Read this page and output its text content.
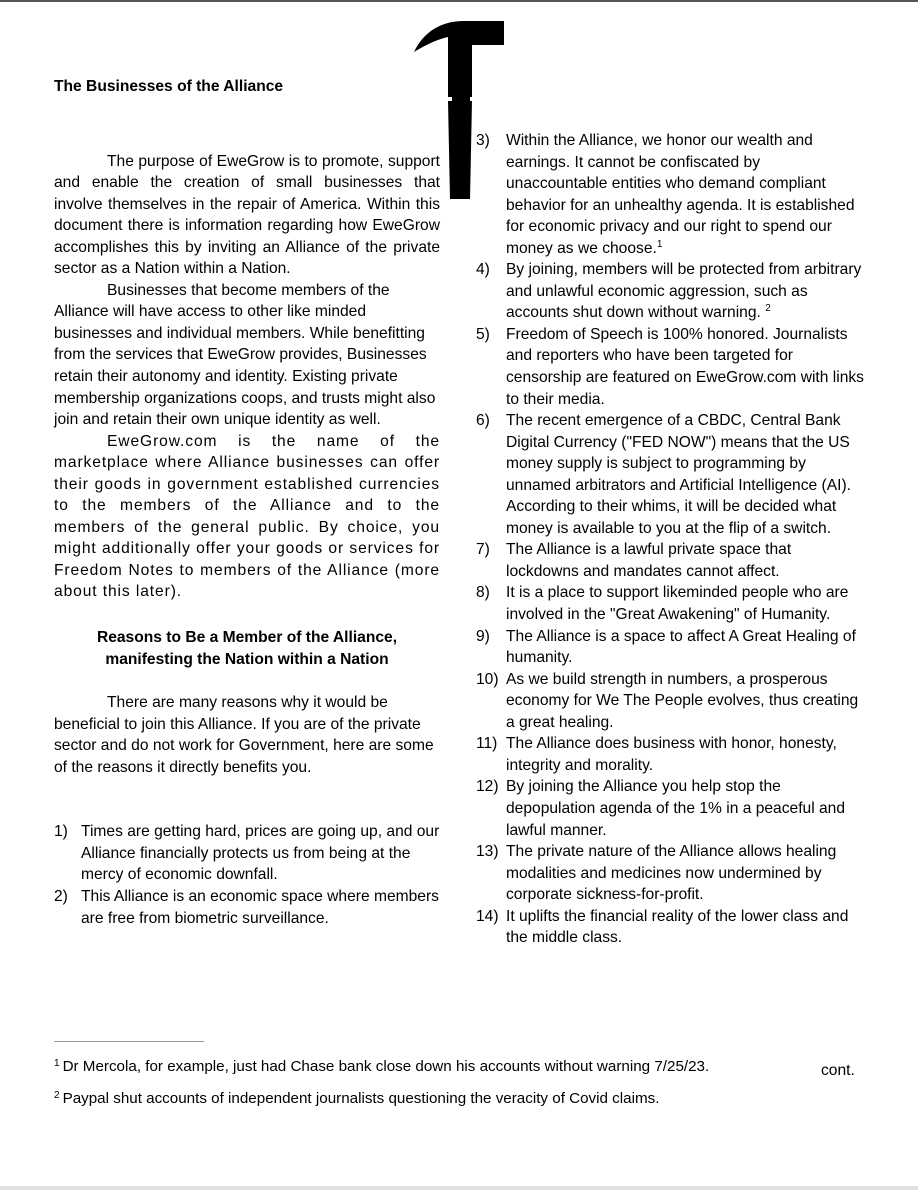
The Businesses of the Alliance

The purpose of EweGrow is to promote, support and enable the creation of small businesses that involve themselves in the repair of America. Within this document there is information regarding how EweGrow accomplishes this by inviting an Alliance of the private sector as a Nation within a Nation.

Businesses that become members of the Alliance will have access to other like minded businesses and individual members. While benefitting from the services that EweGrow provides, Businesses retain their autonomy and identity. Existing private membership organizations coops, and trusts might also join and retain their own unique identity as well.

EweGrow.com is the name of the marketplace where Alliance businesses can offer their goods in government established currencies to the members of the Alliance and to the members of the general public. By choice, you might additionally offer your goods or services for Freedom Notes to members of the Alliance (more about this later).

Reasons to Be a Member of the Alliance,
manifesting the Nation within a Nation

There are many reasons why it would be beneficial to join this Alliance. If you are of the private sector and do not work for Government, here are some of the reasons it directly benefits you.

1) Times are getting hard, prices are going up, and our Alliance financially protects us from being at the mercy of economic downfall.
2) This Alliance is an economic space where members are free from biometric surveillance.
3) Within the Alliance, we honor our wealth and earnings. It cannot be confiscated by unaccountable entities who demand compliant behavior for an unhealthy agenda. It is established for economic privacy and our right to spend our money as we choose.$^1$
4) By joining, members will be protected from arbitrary and unlawful economic aggression, such as accounts shut down without warning. $^2$
5) Freedom of Speech is 100% honored. Journalists and reporters who have been targeted for censorship are featured on EweGrow.com with links to their media.
6) The recent emergence of a CBDC, Central Bank Digital Currency ("FED NOW") means that the US money supply is subject to programming by unnamed arbitrators and Artificial Intelligence (AI). According to their whims, it will be decided what money is available to you at the flip of a switch.
7) The Alliance is a lawful private space that lockdowns and mandates cannot affect.
8) It is a place to support likeminded people who are involved in the "Great Awakening" of Humanity.
9) The Alliance is a space to affect A Great Healing of humanity.
10) As we build strength in numbers, a prosperous economy for We The People evolves, thus creating a great healing.
11) The Alliance does business with honor, honesty, integrity and morality.
12) By joining the Alliance you help stop the depopulation agenda of the 1% in a peaceful and lawful manner.
13) The private nature of the Alliance allows healing modalities and medicines now undermined by corporate sickness-for-profit.
14) It uplifts the financial reality of the lower class and the middle class.
$^1$ Dr Mercola, for example, just had Chase bank close down his accounts without warning 7/25/23.
$^2$ Paypal shut accounts of independent journalists questioning the veracity of Covid claims.
cont.
